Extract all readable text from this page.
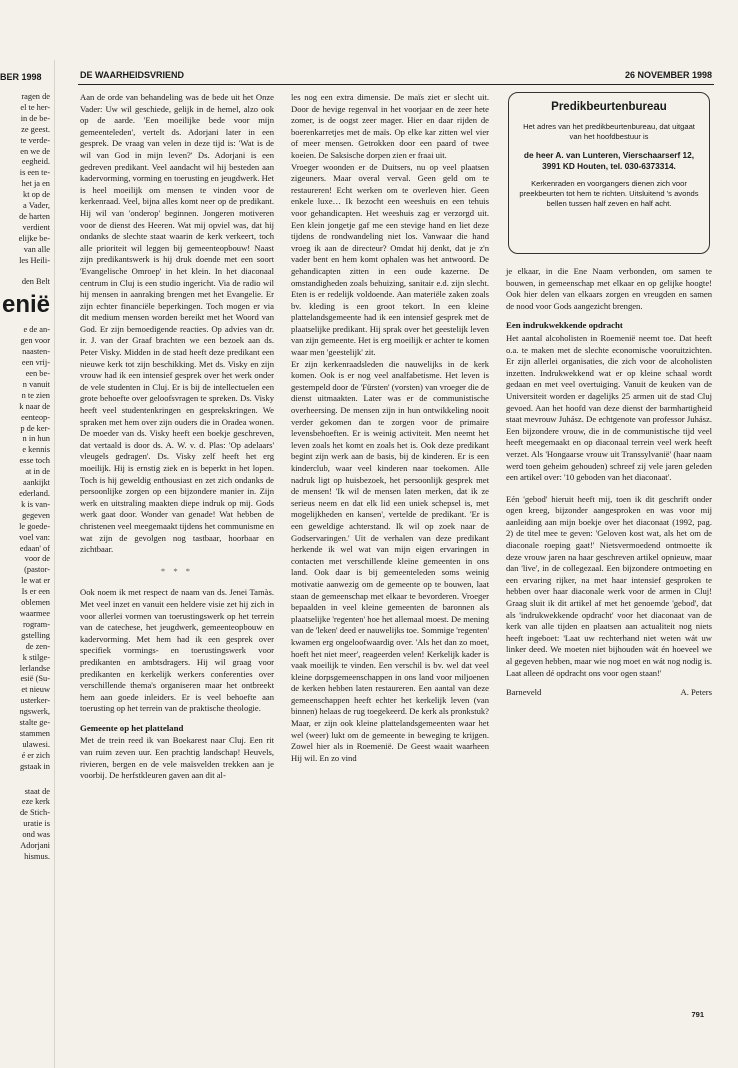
BER 1998
ragen de
el te her-
in de be-
ze geest.
te verde-
en we de
eegheid.
is een te-
het ja en
kt op de
a Vader,
de harten
verdient
elijke be-
van alle
les Heili-
den Belt
enië
e de an-
gen voor
naasten-
een vrij-
een be-
n vanuit
n te zien
k naar de
eenteop-
p de ker-
n in hun
e kennis
esse toch
at in de
aankijkt
ederland.
k is van-
gegeven
le goede-
voel van:
edaan' of
voor de
(pastor-
le wat er
Is er een
oblemen
waarmee
rogram-
gstelling
de zen-
k stilge-
lerlandse
esië (Su-
et nieuw
usterker-
ngswerk,
stalte ge-
stammen
ulawesi.
é er zich
gstaak in
staat de
eze kerk
de Stich-
uratie is
ond was
Adorjani
hismus.
DE WAARHEIDSVRIEND	26 NOVEMBER 1998

Aan de orde van behandeling was de bede uit het Onze Vader: Uw wil geschiede, gelijk in de hemel, alzo ook op de aarde. 'Een moeilijke bede voor mijn gemeenteleden', vertelt ds. Adorjani later in een gesprek. De vraag van velen in deze tijd is: 'Wat is de wil van God in mijn leven?' Ds. Adorjani is een gedreven predikant. Veel aandacht wil hij besteden aan kadervorming, vorming en toerusting en jeugdwerk. Het is heel moeilijk om mensen te vinden voor de kerkenraad. Veel, bijna alles komt neer op de predikant. Hij wil van 'onderop' beginnen. Jongeren motiveren voor de dienst des Heeren. Wat mij opviel was, dat hij ondanks de slechte staat waarin de kerk verkeert, toch alle prioriteit wil leggen bij gemeenteopbouw! Naast zijn predikantswerk is hij druk doende met een soort 'Evangelische Omroep' in het klein. In het diaconaal centrum in Cluj is een studio ingericht. Via de radio wil hij mensen in aanraking brengen met het Evangelie. Er zijn echter financiële beperkingen. Toch mogen er via dit medium mensen worden bereikt met het Woord van God. Er zijn bemoedigende reacties. Op advies van dr. ir. J. van der Graaf brachten we een bezoek aan ds. Peter Visky. Midden in de stad heeft deze predikant een nieuwe kerk tot zijn beschikking. Met ds. Visky en zijn vrouw had ik een intensief gesprek over het werk onder de vele studenten in Cluj. Er is bij de intellectuelen een grote behoefte over geloofsvragen te spreken. Ds. Visky heeft veel studentenkringen en gesprekskringen. We spraken met hem over zijn ouders die in Oradea wonen. De moeder van ds. Visky heeft een boekje geschreven, dat vertaald is door ds. A. W. v. d. Plas: 'Op adelaars' vleugels gedragen'. Ds. Visky zelf heeft het erg moeilijk. Hij is ernstig ziek en is beperkt in het lopen. Toch is hij geweldig enthousiast en zet zich ondanks de persoonlijke zorgen op een bijzondere manier in. Zijn werk en uitstraling maakten diepe indruk op mij. Gods werk gaat door. Wonder van genade! Wat hebben de christenen veel meegemaakt tijdens het communisme en wat zijn de gevolgen nog tastbaar, hoorbaar en zichtbaar.

* * *

Ook noem ik met respect de naam van ds. Jenei Tamàs. Met veel inzet en vanuit een heldere visie zet hij zich in voor allerlei vormen van toerustingswerk op het terrein van de catechese, het jeugdwerk, gemeenteopbouw en kadervorming. Met hem had ik een gesprek over specifiek vormings- en toerustingswerk voor predikanten en ambtsdragers. Hij wil graag voor predikanten en kerkelijk werkers conferenties over verschillende thema's organiseren maar het ontbreekt hem aan goede inleiders. Er is veel behoefte aan toerusting op het terrein van de praktische theologie.

Gemeente op het platteland

Met de trein reed ik van Boekarest naar Cluj. Een rit van ruim zeven uur. Een prachtig landschap! Heuvels, rivieren, bergen en de vele maïsvelden trekken aan je voorbij. De herfstkleuren gaven aan dit al-

les nog een extra dimensie. De maïs ziet er slecht uit. Door de hevige regenval in het voorjaar en de zeer hete zomer, is de oogst zeer mager. Hier en daar rijden de boerenkarretjes met de maïs. Op elke kar zitten wel vier of meer mensen. Getrokken door een paard of twee koeien. De Saksische dorpen zien er fraai uit.

Vroeger woonden er de Duitsers, nu op veel plaatsen zigeuners. Maar overal verval. Geen geld om te restaureren! Echt werken om te overleven hier. Geen enkele luxe… Ik bezocht een weeshuis en een tehuis voor gehandicapten. Het weeshuis zag er verzorgd uit. Een klein jongetje gaf me een stevige hand en liet deze tijdens de rondwandeling niet los. Vanwaar die hand vroeg ik aan de directeur? Omdat hij denkt, dat je z'n vader bent en hem komt ophalen was het antwoord. De gehandicapten zitten in een oude kazerne. De omstandigheden zoals behuizing, sanitair e.d. zijn slecht. Eten is er redelijk voldoende. Aan materiële zaken zoals bv. kleding is een groot tekort. In een kleine plattelandsgemeente had ik een intensief gesprek met de plaatselijke predikant. Hij sprak over het geestelijk leven van zijn gemeente. Het is erg moeilijk er achter te komen waar men 'geestelijk' zit.

Er zijn kerkenraadsleden die nauwelijks in de kerk komen. Ook is er nog veel analfabetisme. Het leven is gestempeld door de 'Fürsten' (vorsten) van vroeger die de dienst uitmaakten. Later was er de communistische overheersing. De mensen zijn in hun ontwikkeling nooit verder gekomen dan te zorgen voor de primaire levensbehoeften. Er is weinig activiteit. Men neemt het leven zoals het komt en zoals het is. Ook deze predikant begint zijn werk aan de basis, bij de kinderen. Er is een kinderclub, waar veel kinderen naar toekomen. Alle nadruk ligt op huisbezoek, het persoonlijk gesprek met de mensen! 'Ik wil de mensen laten merken, dat ik ze serieus neem en dat elk lid een uniek schepsel is, met mogelijkheden en kansen', vertelde de predikant. 'Er is een geweldige achterstand. Ik wil op zoek naar de Godservaringen.' Uit de verhalen van deze predikant herkende ik wel wat van mijn eigen ervaringen in contacten met verschillende kleine gemeenten in ons land. Ook daar is bij gemeenteleden soms weinig motivatie aanwezig om de gemeente op te bouwen, laat staan de gemeenschap met elkaar te bevorderen. Vroeger bepaalden in veel kleine gemeenten de baronnen als plaatselijke 'regenten' hoe het allemaal moest. De mening van de 'leken' deed er nauwelijks toe. Sommige 'regenten' kwamen erg ongeloofwaardig over. 'Als het dan zo moet, hoeft het niet meer', reageerden velen! Kerkelijk kader is vaak moeilijk te vinden. Een verschil is bv. wel dat veel kleine dorpsgemeenschappen in ons land voor miljoenen de kerken hebben laten restaureren. Een aantal van deze gemeenschappen heeft echter het kerkelijk leven (van binnen) helaas de rug toegekeerd. De kerk als pronkstuk? Maar, er zijn ook kleine plattelandsgemeenten waar het wel (weer) lukt om de gemeente in beweging te krijgen. Zowel hier als in Roemenië. De Geest waait waarheen Hij wil. En zo vind

Predikbeurtenbureau
Het adres van het predikbeurtenbureau, dat uitgaat van het hoofdbestuur is
de heer A. van Lunteren, Vierschaarserf 12, 3991 KD Houten, tel. 030-6373314.
Kerkenraden en voorgangers dienen zich voor preekbeurten tot hem te richten. Uitsluitend 's avonds bellen tussen half zeven en half acht.

je elkaar, in die Ene Naam verbonden, om samen te bouwen, in gemeenschap met elkaar en op gelijke hoogte! Ook hier delen van elkaars zorgen en vreugden en samen de nood voor Gods aangezicht brengen.

Een indrukwekkende opdracht

Het aantal alcoholisten in Roemenië neemt toe. Dat heeft o.a. te maken met de slechte economische vooruitzichten. Er zijn allerlei organisaties, die zich voor de alcoholisten inzetten. Indrukwekkend wat er op kleine schaal wordt gedaan en met veel overtuiging. Vanuit de keuken van de Universiteit worden er dagelijks 25 armen uit de stad Cluj gevoed. Aan het hoofd van deze dienst der barmhartigheid staat mevrouw Juhász. De echtgenote van professor Juhász. Een bijzondere vrouw, die in de communistische tijd veel heeft meegemaakt en op diaconaal terrein veel werk heeft verzet. Als 'Hongaarse vrouw uit Transsylvanië' (haar naam werd toen geheim gehouden) schreef zij vele jaren geleden een artikel over: '10 geboden van het diaconaat'.

Eén 'gebod' hieruit heeft mij, toen ik dit geschrift onder ogen kreeg, bijzonder aangesproken en was voor mij aanleiding aan mijn boekje over het diaconaat (1992, pag. 2) de titel mee te geven: 'Geloven kost wat, als het om de diaconale roeping gaat!' Nietsvermoedend ontmoette ik deze vrouw jaren na haar geschreven artikel opnieuw, maar dan 'live', in de collegezaal. Een bijzondere ontmoeting en een ervaring rijker, na met haar intensief gesproken te hebben over haar diaconale werk voor de armen in Cluj! Graag sluit ik dit artikel af met het genoemde 'gebod', dat als 'indrukwekkende opdracht' voor het diaconaat van de kerk van alle tijden en plaatsen aan actualiteit nog niets heeft ingeboet: 'Laat uw rechterhand niet weten wát uw linker deed. We moeten niet bijhouden wát én hoeveel we al gegeven hebben, maar wie nog moet en wát nog nodig is. Laat alleen dé opdracht ons voor ogen staan!'

Barneveld	A. Peters
791
